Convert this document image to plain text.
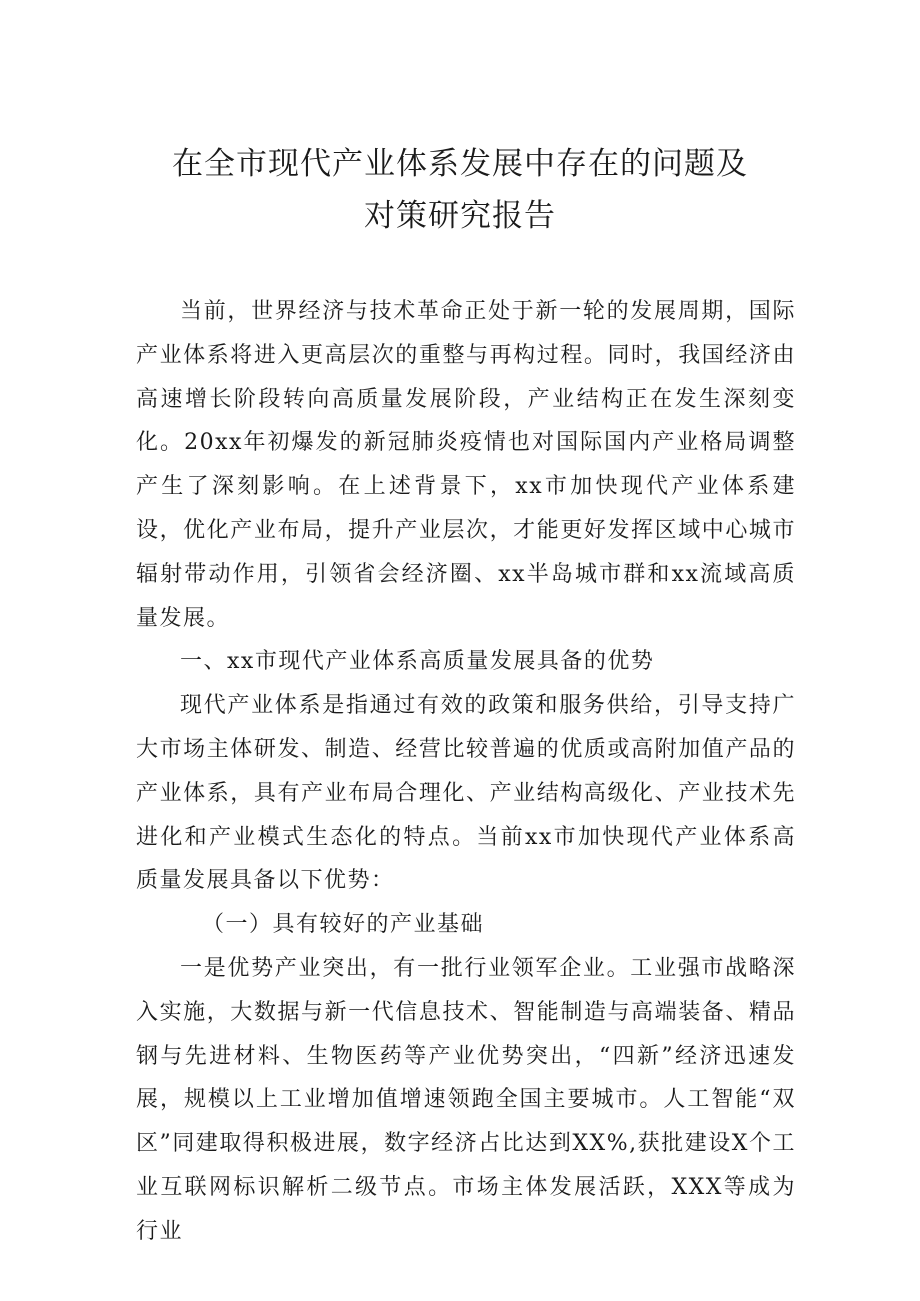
在全市现代产业体系发展中存在的问题及
对策研究报告

当前，世界经济与技术革命正处于新一轮的发展周期，国际产业体系将进入更高层次的重整与再构过程。同时，我国经济由高速增长阶段转向高质量发展阶段，产业结构正在发生深刻变化。20xx年初爆发的新冠肺炎疫情也对国际国内产业格局调整产生了深刻影响。在上述背景下，xx市加快现代产业体系建设，优化产业布局，提升产业层次，才能更好发挥区域中心城市辐射带动作用，引领省会经济圈、xx半岛城市群和xx流域高质量发展。

一、xx市现代产业体系高质量发展具备的优势

现代产业体系是指通过有效的政策和服务供给，引导支持广大市场主体研发、制造、经营比较普遍的优质或高附加值产品的产业体系，具有产业布局合理化、产业结构高级化、产业技术先进化和产业模式生态化的特点。当前xx市加快现代产业体系高质量发展具备以下优势：

（一）具有较好的产业基础

一是优势产业突出，有一批行业领军企业。工业强市战略深入实施，大数据与新一代信息技术、智能制造与高端装备、精品钢与先进材料、生物医药等产业优势突出，“四新”经济迅速发展，规模以上工业增加值增速领跑全国主要城市。人工智能“双区”同建取得积极进展，数字经济占比达到XX%,获批建设X个工业互联网标识解析二级节点。市场主体发展活跃，XXX等成为行业
